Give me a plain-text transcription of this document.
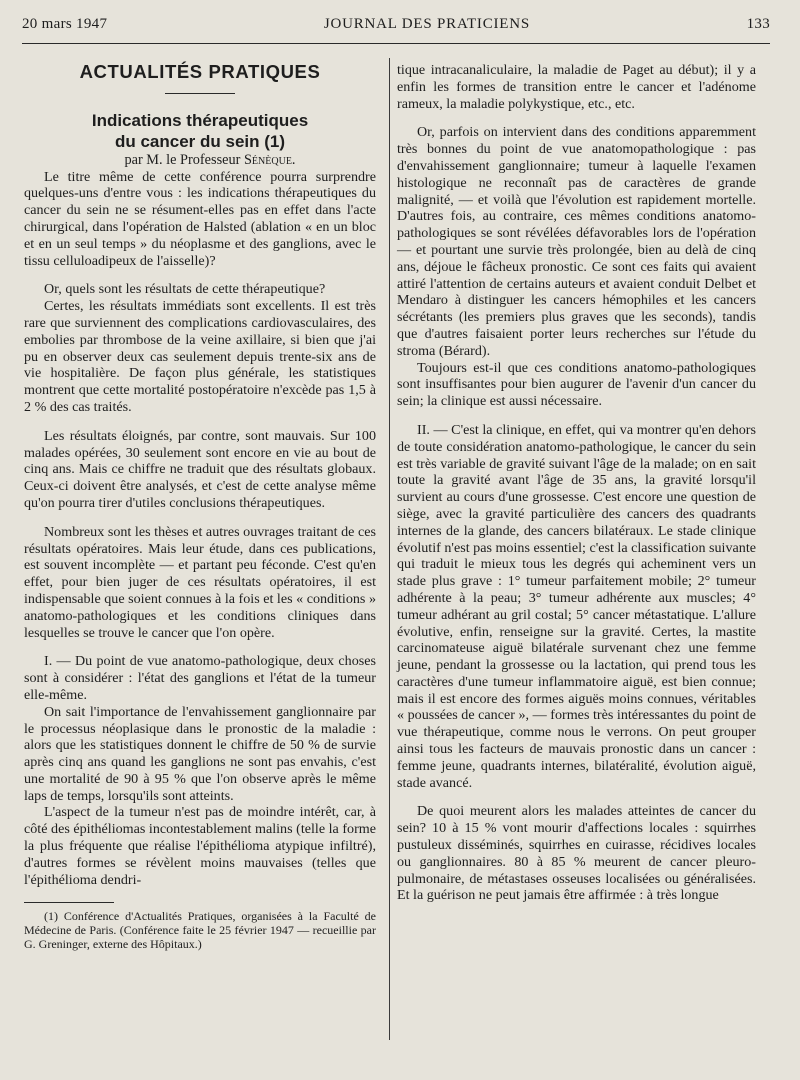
20 mars 1947	JOURNAL DES PRATICIENS	133
ACTUALITÉS PRATIQUES
Indications thérapeutiques
du cancer du sein (1)

par M. le Professeur Sénèque.

Le titre même de cette conférence pourra surprendre quelques-uns d'entre vous : les indications thérapeutiques du cancer du sein ne se résument-elles pas en effet dans l'acte chirurgical, dans l'opération de Halsted (ablation « en un bloc et en un seul temps » du néoplasme et des ganglions, avec le tissu celluloadipeux de l'aisselle)?

Or, quels sont les résultats de cette thérapeutique?

Certes, les résultats immédiats sont excellents. Il est très rare que surviennent des complications cardiovasculaires, des embolies par thrombose de la veine axillaire, si bien que j'ai pu en observer deux cas seulement depuis trente-six ans de vie hospitalière. De façon plus générale, les statistiques montrent que cette mortalité postopératoire n'excède pas 1,5 à 2 % des cas traités.

Les résultats éloignés, par contre, sont mauvais. Sur 100 malades opérées, 30 seulement sont encore en vie au bout de cinq ans. Mais ce chiffre ne traduit que des résultats globaux. Ceux-ci doivent être analysés, et c'est de cette analyse même qu'on pourra tirer d'utiles conclusions thérapeutiques.

Nombreux sont les thèses et autres ouvrages traitant de ces résultats opératoires. Mais leur étude, dans ces publications, est souvent incomplète — et partant peu féconde. C'est qu'en effet, pour bien juger de ces résultats opératoires, il est indispensable que soient connues à la fois et les « conditions » anatomo-pathologiques et les conditions cliniques dans lesquelles se trouve le cancer que l'on opère.

I. — Du point de vue anatomo-pathologique, deux choses sont à considérer : l'état des ganglions et l'état de la tumeur elle-même.

On sait l'importance de l'envahissement ganglionnaire par le processus néoplasique dans le pronostic de la maladie : alors que les statistiques donnent le chiffre de 50 % de survie après cinq ans quand les ganglions ne sont pas envahis, c'est une mortalité de 90 à 95 % que l'on observe après le même laps de temps, lorsqu'ils sont atteints.

L'aspect de la tumeur n'est pas de moindre intérêt, car, à côté des épithéliomas incontestablement malins (telle la forme la plus fréquente que réalise l'épithélioma atypique infiltré), d'autres formes se révèlent moins mauvaises (telles que l'épithélioma dendri-

(1) Conférence d'Actualités Pratiques, organisées à la Faculté de Médecine de Paris. (Conférence faite le 25 février 1947 — recueillie par G. Greninger, externe des Hôpitaux.)

tique intracanaliculaire, la maladie de Paget au début); il y a enfin les formes de transition entre le cancer et l'adénome rameux, la maladie polykystique, etc., etc.

Or, parfois on intervient dans des conditions apparemment très bonnes du point de vue anatomopathologique : pas d'envahissement ganglionnaire; tumeur à laquelle l'examen histologique ne reconnaît pas de caractères de grande malignité, — et voilà que l'évolution est rapidement mortelle. D'autres fois, au contraire, ces mêmes conditions anatomo-pathologiques se sont révélées défavorables lors de l'opération — et pourtant une survie très prolongée, bien au delà de cinq ans, déjoue le fâcheux pronostic. Ce sont ces faits qui avaient attiré l'attention de certains auteurs et avaient conduit Delbet et Mendaro à distinguer les cancers hémophiles et les cancers sécrétants (les premiers plus graves que les seconds), tandis que d'autres faisaient porter leurs recherches sur l'étude du stroma (Bérard).

Toujours est-il que ces conditions anatomo-pathologiques sont insuffisantes pour bien augurer de l'avenir d'un cancer du sein; la clinique est aussi nécessaire.

II. — C'est la clinique, en effet, qui va montrer qu'en dehors de toute considération anatomo-pathologique, le cancer du sein est très variable de gravité suivant l'âge de la malade; on en sait toute la gravité avant l'âge de 35 ans, la gravité lorsqu'il survient au cours d'une grossesse. C'est encore une question de siège, avec la gravité particulière des cancers des quadrants internes de la glande, des cancers bilatéraux. Le stade clinique évolutif n'est pas moins essentiel; c'est la classification suivante qui traduit le mieux tous les degrés qui acheminent vers un stade plus grave : 1° tumeur parfaitement mobile; 2° tumeur adhérente à la peau; 3° tumeur adhérente aux muscles; 4° tumeur adhérant au gril costal; 5° cancer métastatique. L'allure évolutive, enfin, renseigne sur la gravité. Certes, la mastite carcinomateuse aiguë bilatérale survenant chez une femme jeune, pendant la grossesse ou la lactation, qui prend tous les caractères d'une tumeur inflammatoire aiguë, est bien connue; mais il est encore des formes aiguës moins connues, véritables « poussées de cancer », — formes très intéressantes du point de vue thérapeutique, comme nous le verrons. On peut grouper ainsi tous les facteurs de mauvais pronostic dans un cancer : femme jeune, quadrants internes, bilatéralité, évolution aiguë, stade avancé.

De quoi meurent alors les malades atteintes de cancer du sein? 10 à 15 % vont mourir d'affections locales : squirrhes pustuleux disséminés, squirrhes en cuirasse, récidives locales ou ganglionnaires. 80 à 85 % meurent de cancer pleuro-pulmonaire, de métastases osseuses localisées ou généralisées. Et la guérison ne peut jamais être affirmée : à très longue
